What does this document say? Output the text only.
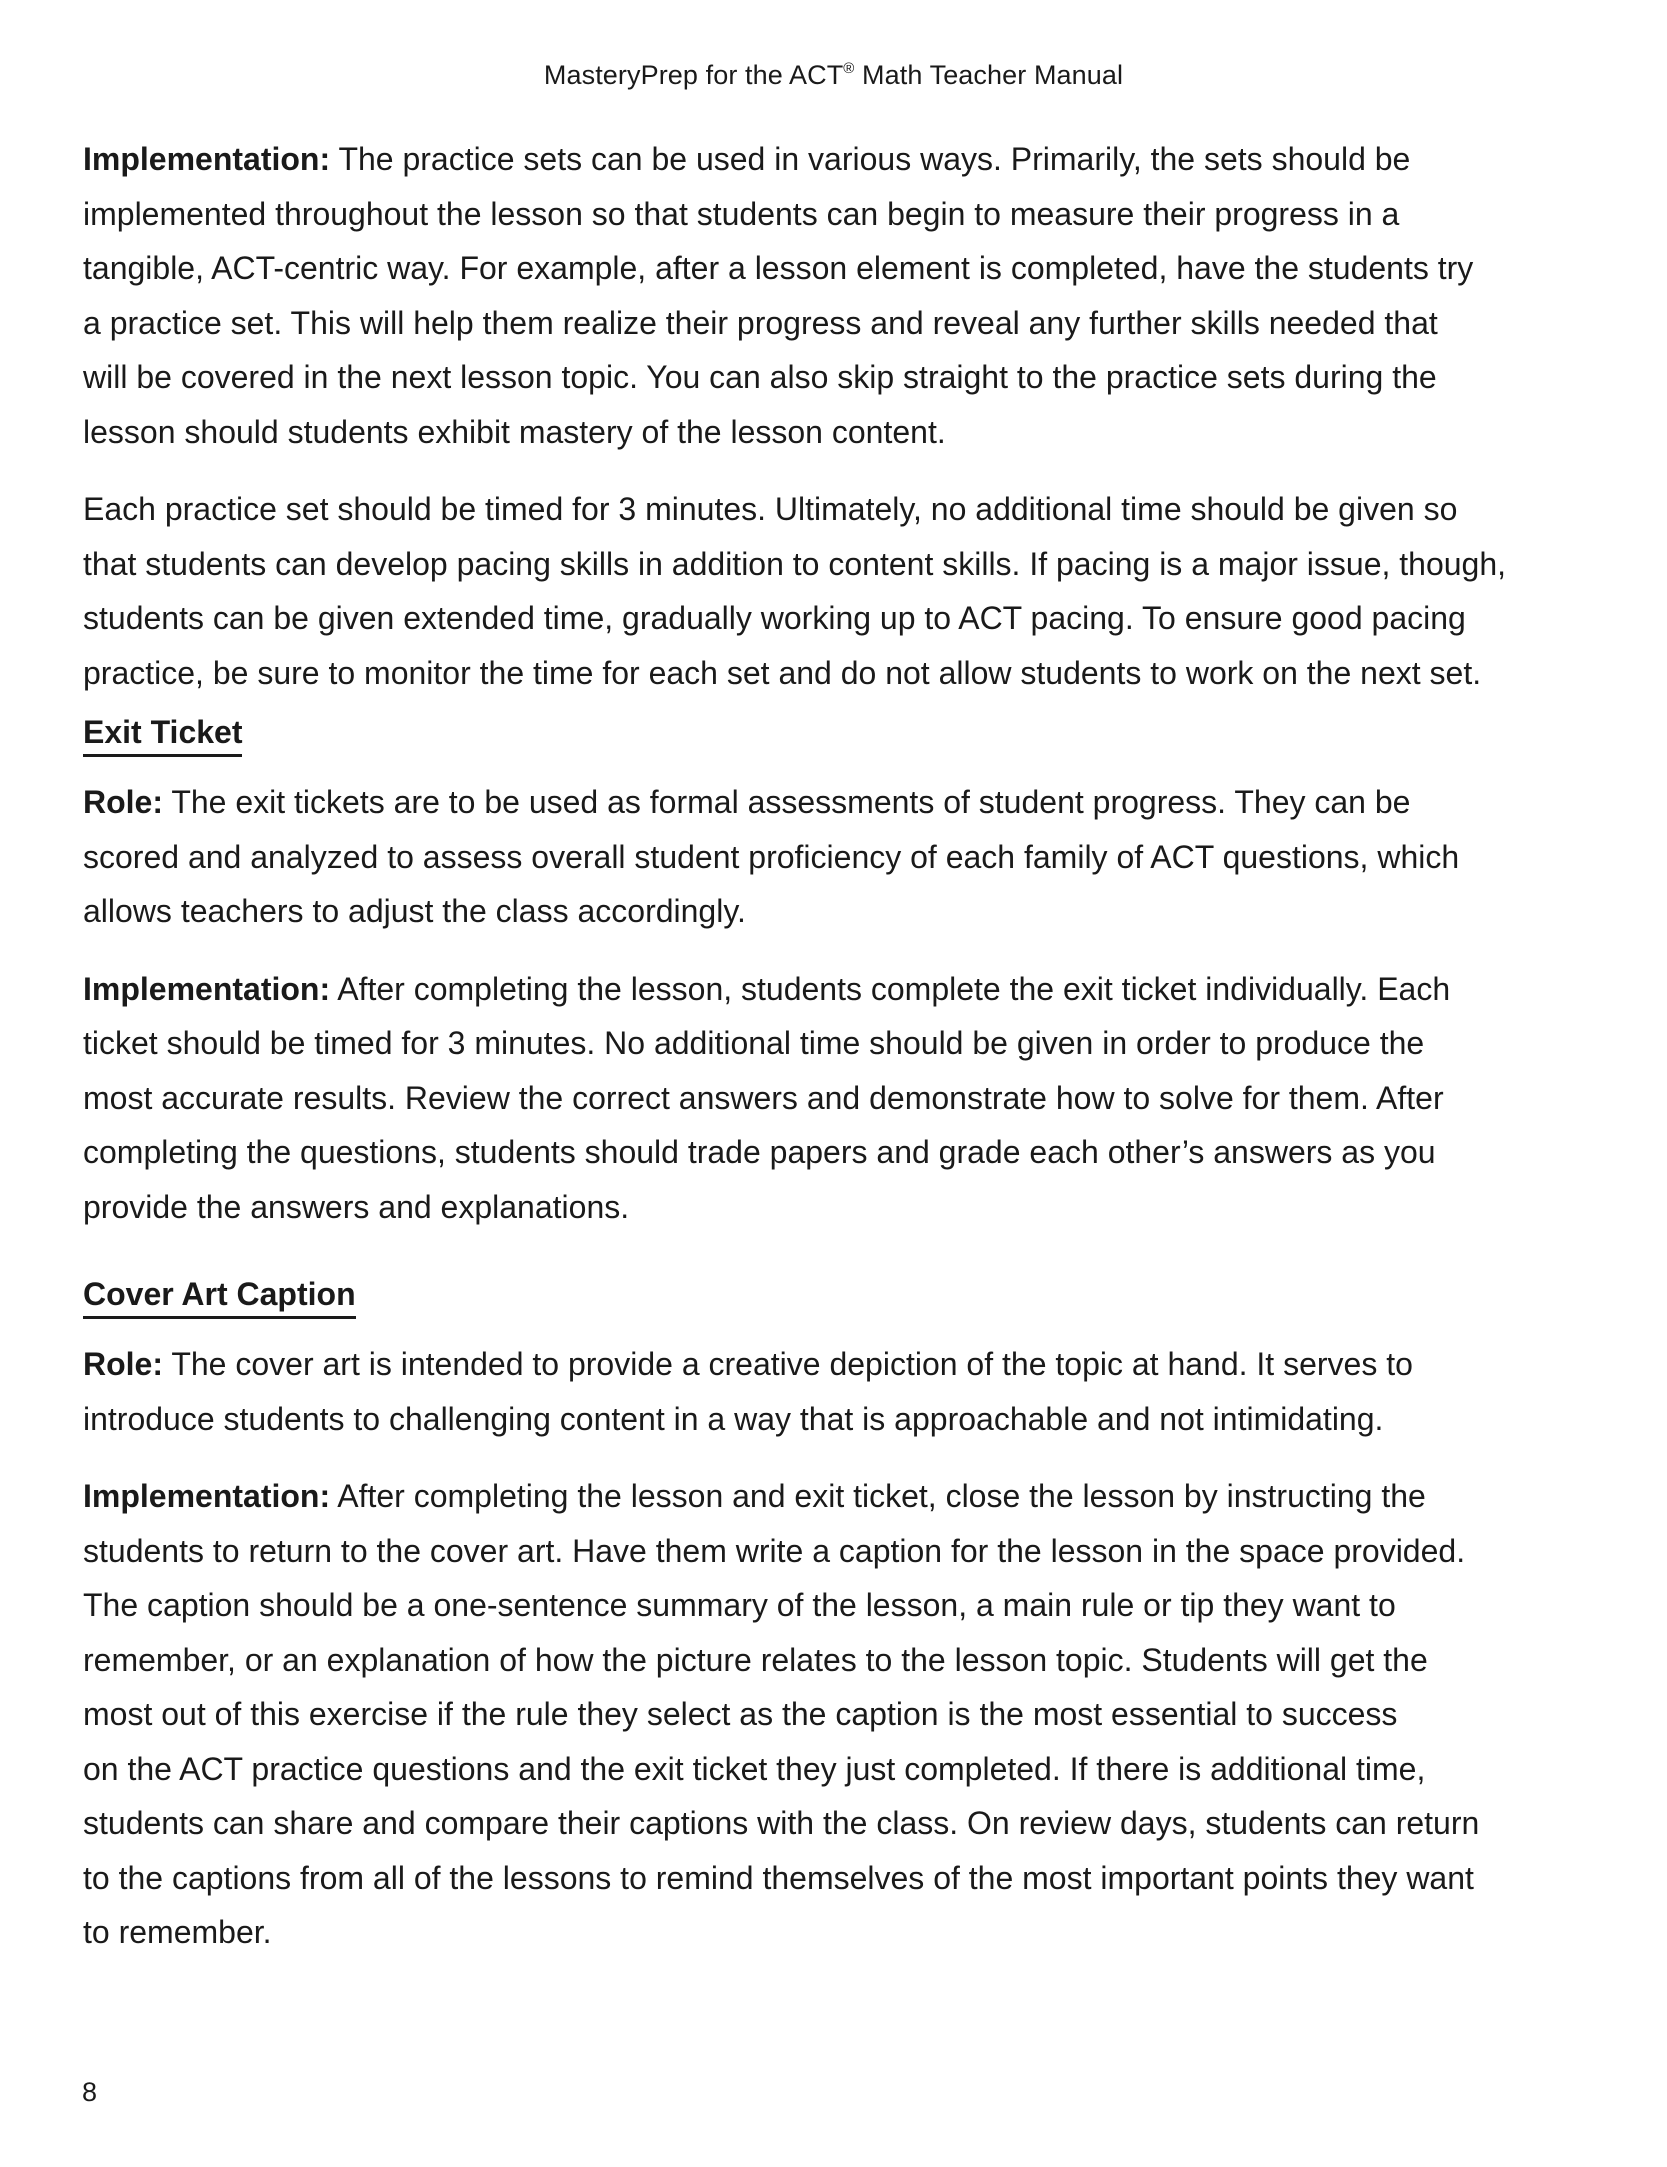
MasteryPrep for the ACT® Math Teacher Manual

Implementation: The practice sets can be used in various ways. Primarily, the sets should be
implemented throughout the lesson so that students can begin to measure their progress in a
tangible, ACT-centric way. For example, after a lesson element is completed, have the students try
a practice set. This will help them realize their progress and reveal any further skills needed that
will be covered in the next lesson topic. You can also skip straight to the practice sets during the
lesson should students exhibit mastery of the lesson content.

Each practice set should be timed for 3 minutes. Ultimately, no additional time should be given so
that students can develop pacing skills in addition to content skills. If pacing is a major issue, though,
students can be given extended time, gradually working up to ACT pacing. To ensure good pacing
practice, be sure to monitor the time for each set and do not allow students to work on the next set.

Exit Ticket

Role: The exit tickets are to be used as formal assessments of student progress. They can be
scored and analyzed to assess overall student proficiency of each family of ACT questions, which
allows teachers to adjust the class accordingly.

Implementation: After completing the lesson, students complete the exit ticket individually. Each
ticket should be timed for 3 minutes. No additional time should be given in order to produce the
most accurate results. Review the correct answers and demonstrate how to solve for them. After
completing the questions, students should trade papers and grade each other’s answers as you
provide the answers and explanations.

Cover Art Caption

Role: The cover art is intended to provide a creative depiction of the topic at hand. It serves to
introduce students to challenging content in a way that is approachable and not intimidating.

Implementation: After completing the lesson and exit ticket, close the lesson by instructing the
students to return to the cover art. Have them write a caption for the lesson in the space provided.
The caption should be a one-sentence summary of the lesson, a main rule or tip they want to
remember, or an explanation of how the picture relates to the lesson topic. Students will get the
most out of this exercise if the rule they select as the caption is the most essential to success
on the ACT practice questions and the exit ticket they just completed. If there is additional time,
students can share and compare their captions with the class. On review days, students can return
to the captions from all of the lessons to remind themselves of the most important points they want
to remember.

8
